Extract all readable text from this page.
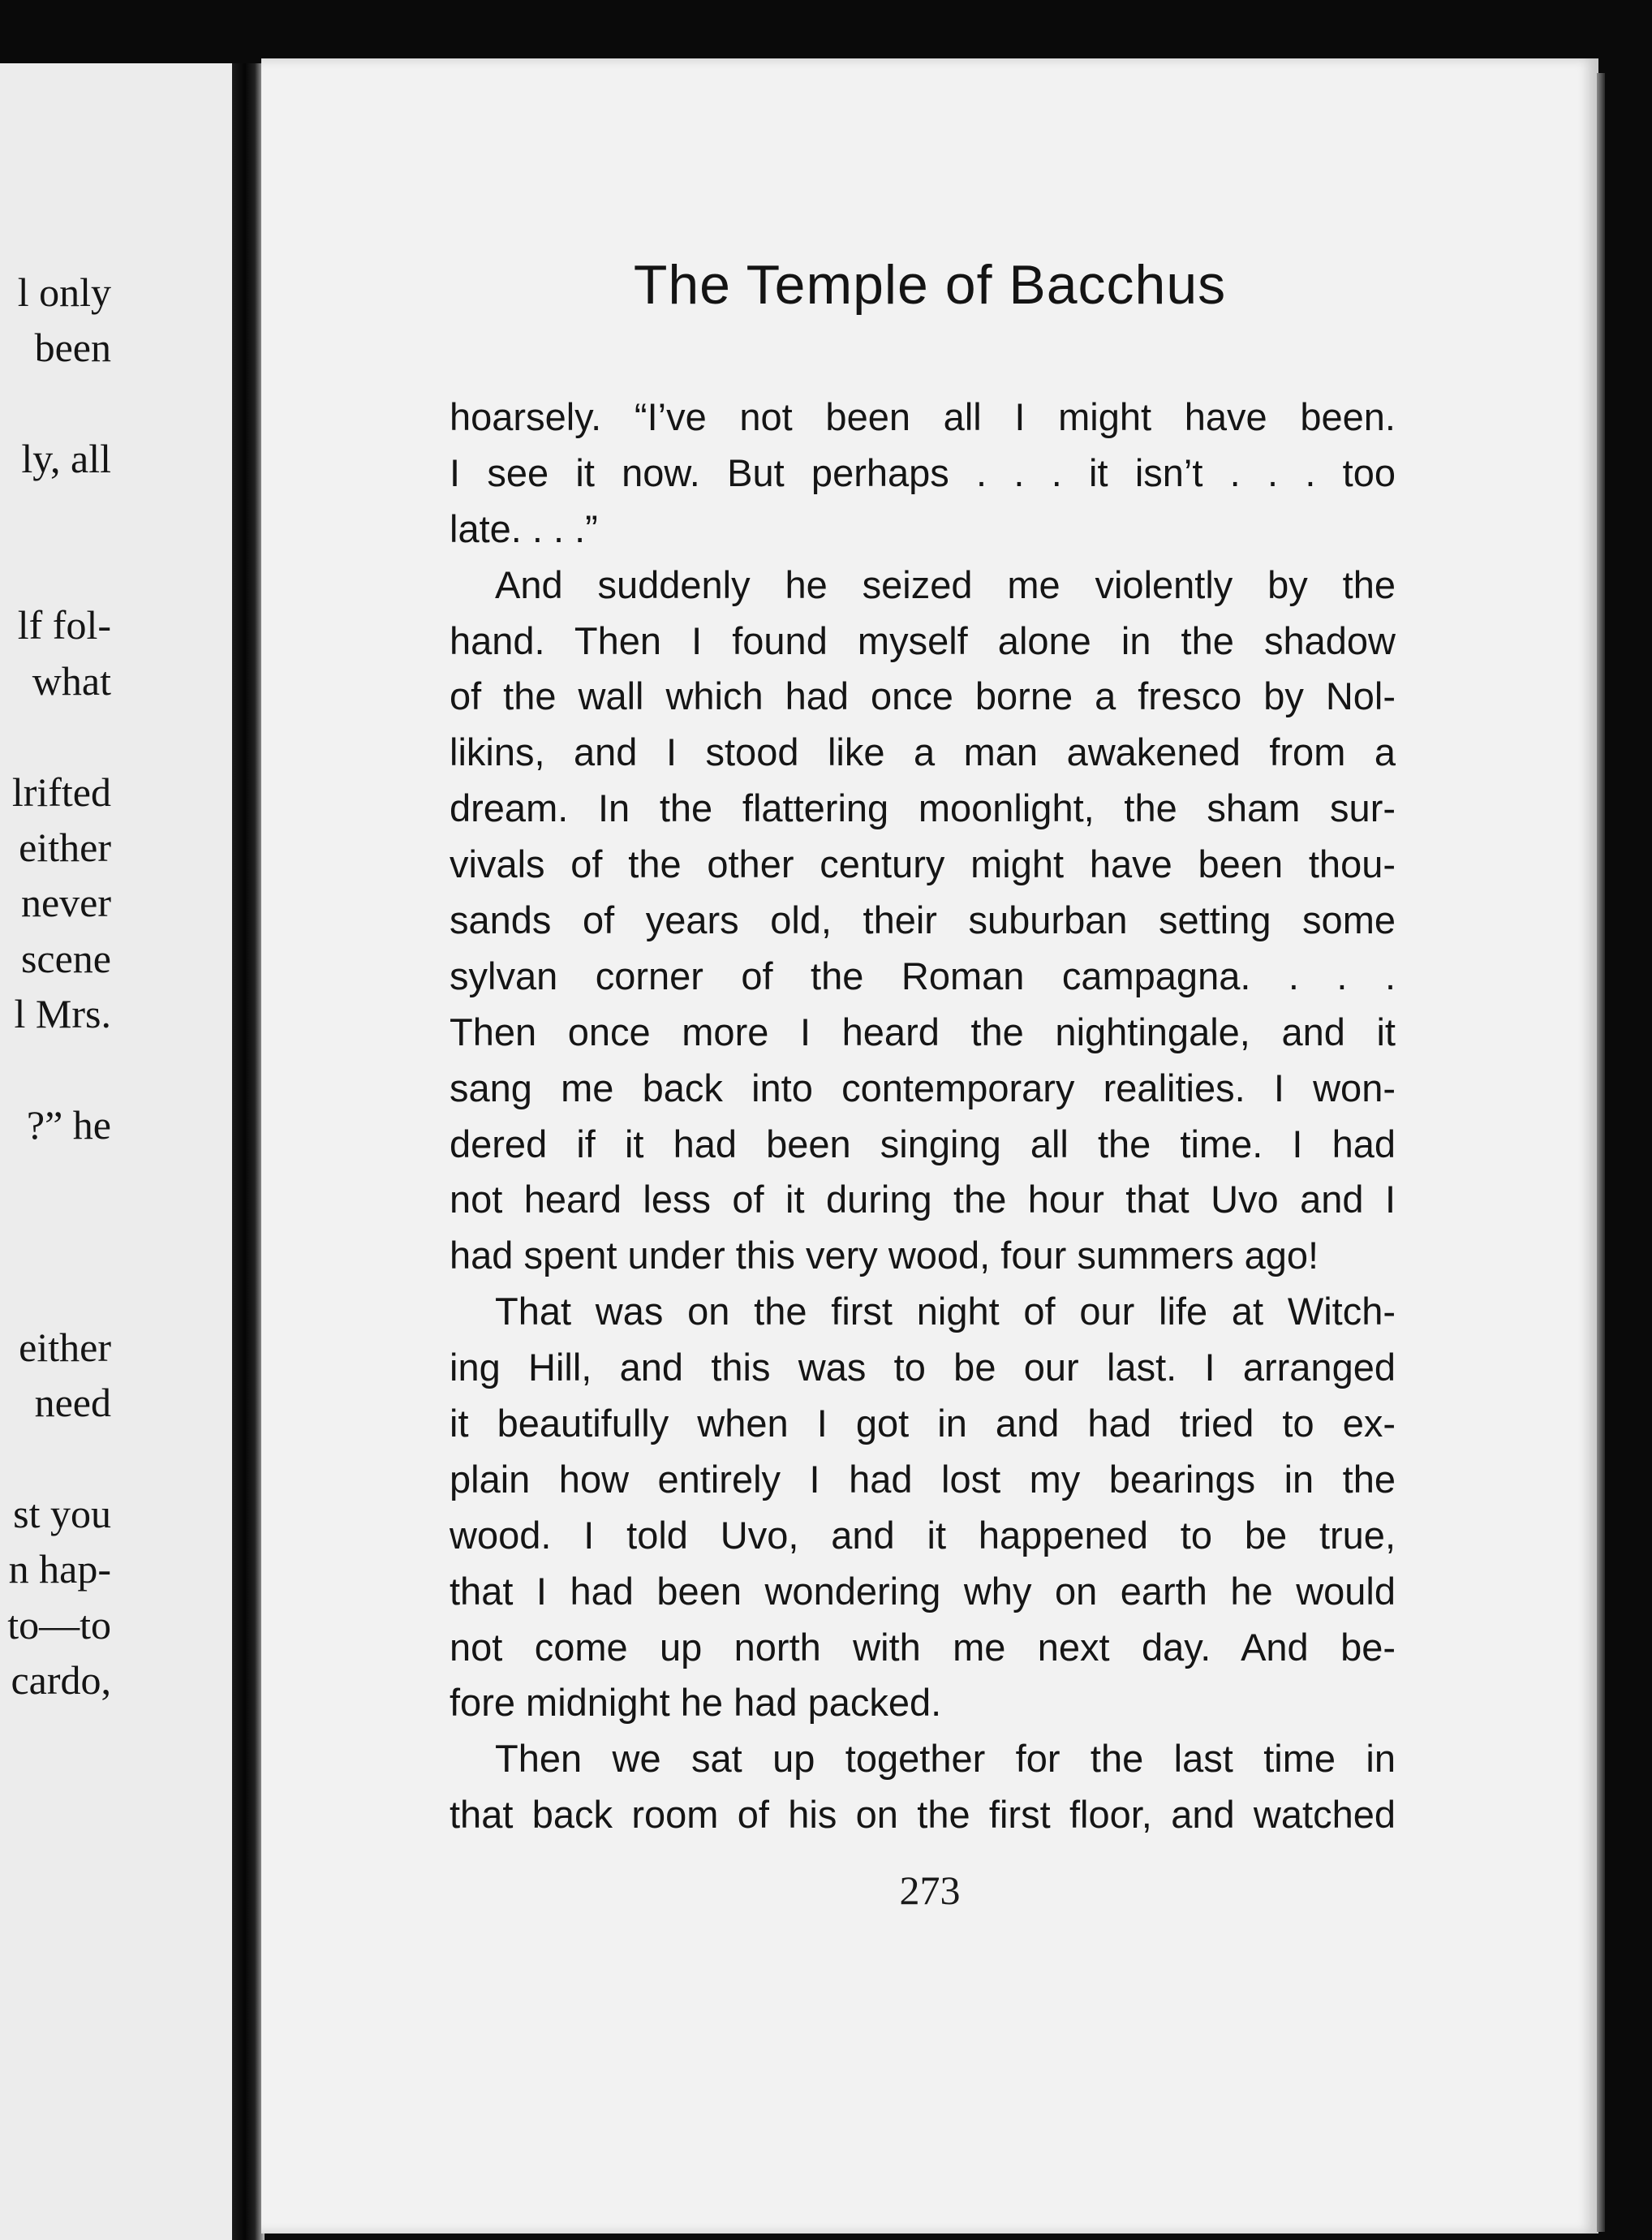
l only
been
ly, all
lf fol-
what
lrifted
either
never
scene
l Mrs.
?” he
either
need
st you
n hap-
to—to
cardo,
The Temple of Bacchus
hoarsely. “I’ve not been all I might have been.
I see it now. But perhaps . . . it isn’t . . . too
late. . . .”
And suddenly he seized me violently by the
hand. Then I found myself alone in the shadow
of the wall which had once borne a fresco by Nol-
likins, and I stood like a man awakened from a
dream. In the flattering moonlight, the sham sur-
vivals of the other century might have been thou-
sands of years old, their suburban setting some
sylvan corner of the Roman campagna. . . .
Then once more I heard the nightingale, and it
sang me back into contemporary realities. I won-
dered if it had been singing all the time. I had
not heard less of it during the hour that Uvo and I
had spent under this very wood, four summers ago!
That was on the first night of our life at Witch-
ing Hill, and this was to be our last. I arranged
it beautifully when I got in and had tried to ex-
plain how entirely I had lost my bearings in the
wood. I told Uvo, and it happened to be true,
that I had been wondering why on earth he would
not come up north with me next day. And be-
fore midnight he had packed.
Then we sat up together for the last time in
that back room of his on the first floor, and watched
273
